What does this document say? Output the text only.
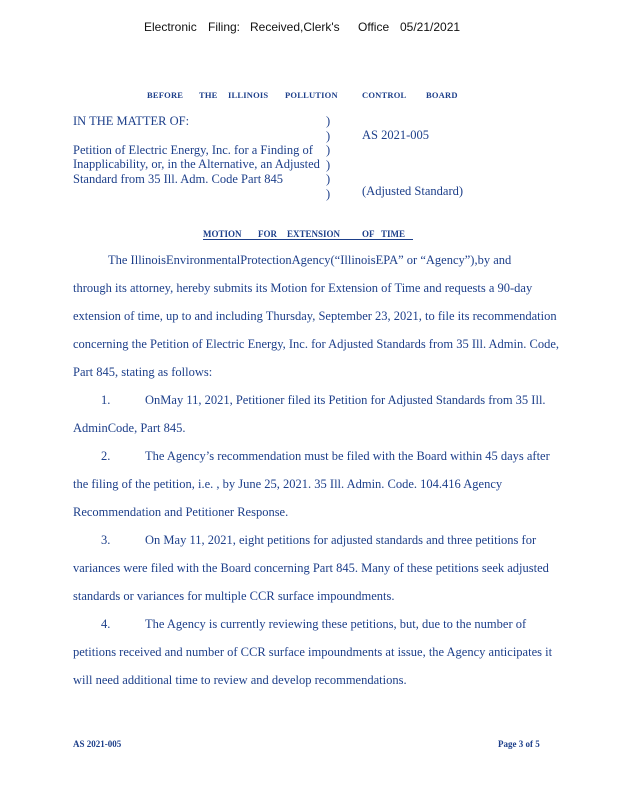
Electronic Filing: Received,Clerk's Office 05/21/2021
BEFORE THE ILLINOIS POLLUTION	CONTROL BOARD
IN THE MATTER OF:
Petition of Electric Energy, Inc. for a Finding of
Inapplicability, or, in the Alternative, an Adjusted
Standard from 35 Ill. Adm. Code Part 845
)
)
)
)
)
)
AS 2021-005
(Adjusted Standard)
MOTION FOR EXTENSION OF TIME
The IllinoisEnvironmentalProtectionAgency(“IllinoisEPA” or “Agency”),by and
through its attorney, hereby submits its Motion for Extension of Time and requests a 90-day
extension of time, up to and including Thursday, September 23, 2021, to file its recommendation
concerning the Petition of Electric Energy, Inc. for Adjusted Standards from 35 Ill. Admin. Code,
Part 845, stating as follows:
1.	OnMay 11, 2021, Petitioner filed its Petition for Adjusted Standards from 35 Ill.
AdminCode, Part 845.
2.	The Agency’s recommendation must be filed with the Board within 45 days after
the filing of the petition, i.e. , by June 25, 2021. 35 Ill. Admin. Code. 104.416 Agency
Recommendation and Petitioner Response.
3.	On May 11, 2021, eight petitions for adjusted standards and three petitions for
variances were filed with the Board concerning Part 845. Many of these petitions seek adjusted
standards or variances for multiple CCR surface impoundments.
4.	The Agency is currently reviewing these petitions, but, due to the number of
petitions received and number of CCR surface impoundments at issue, the Agency anticipates it
will need additional time to review and develop recommendations.
AS 2021-005	Page 3 of 5
